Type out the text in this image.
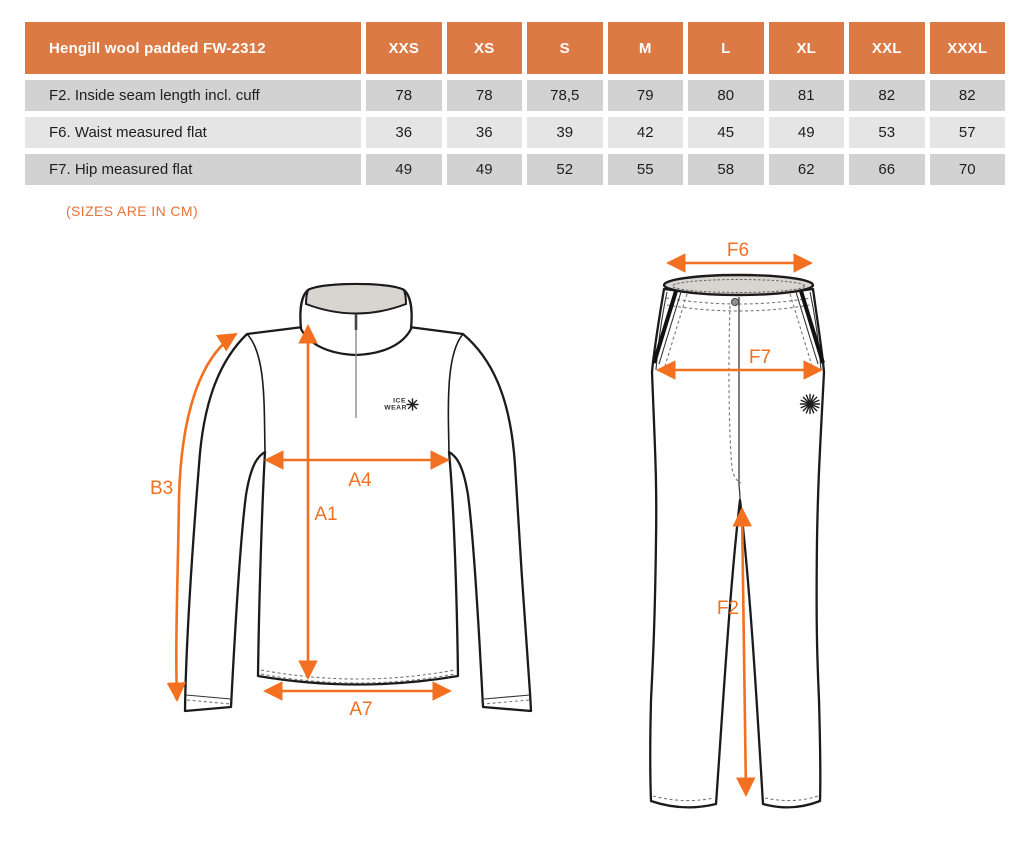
Hengill wool padded FW-2312	XXS	XS	S	M	L	XL	XXL	XXXL
F2. Inside seam length incl. cuff	78	78	78,5	79	80	81	82	82
F6. Waist measured flat	36	36	39	42	45	49	53	57
F7. Hip measured flat	49	49	52	55	58	62	66	70
(SIZES ARE IN CM)
ICE
WEAR
B3	A4
A1
A7
F6
F7
F2
